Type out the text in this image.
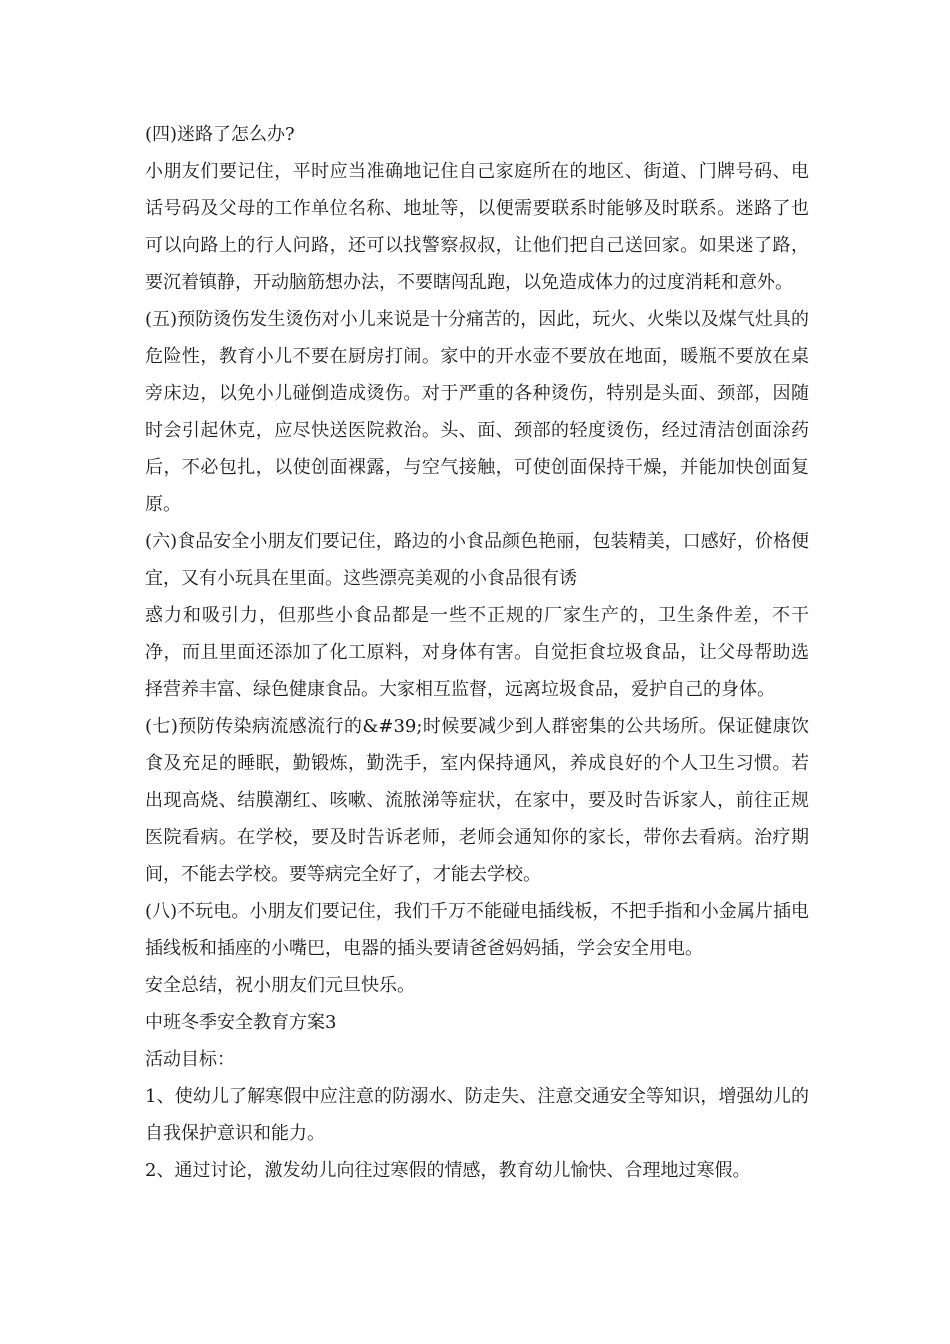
(四)迷路了怎么办?

小朋友们要记住，平时应当准确地记住自己家庭所在的地区、街道、门牌号码、电话号码及父母的工作单位名称、地址等，以便需要联系时能够及时联系。迷路了也可以向路上的行人问路，还可以找警察叔叔，让他们把自己送回家。如果迷了路，要沉着镇静，开动脑筋想办法，不要瞎闯乱跑，以免造成体力的过度消耗和意外。

(五)预防烫伤发生烫伤对小儿来说是十分痛苦的，因此，玩火、火柴以及煤气灶具的危险性，教育小儿不要在厨房打闹。家中的开水壶不要放在地面，暖瓶不要放在桌旁床边，以免小儿碰倒造成烫伤。对于严重的各种烫伤，特别是头面、颈部，因随时会引起休克，应尽快送医院救治。头、面、颈部的轻度烫伤，经过清洁创面涂药后，不必包扎，以使创面裸露，与空气接触，可使创面保持干燥，并能加快创面复原。

(六)食品安全小朋友们要记住，路边的小食品颜色艳丽，包装精美，口感好，价格便宜，又有小玩具在里面。这些漂亮美观的小食品很有诱

惑力和吸引力，但那些小食品都是一些不正规的厂家生产的，卫生条件差，不干净，而且里面还添加了化工原料，对身体有害。自觉拒食垃圾食品，让父母帮助选择营养丰富、绿色健康食品。大家相互监督，远离垃圾食品，爱护自己的身体。

(七)预防传染病流感流行的&#39;时候要减少到人群密集的公共场所。保证健康饮食及充足的睡眠，勤锻炼，勤洗手，室内保持通风，养成良好的个人卫生习惯。若出现高烧、结膜潮红、咳嗽、流脓涕等症状，在家中，要及时告诉家人，前往正规医院看病。在学校，要及时告诉老师，老师会通知你的家长，带你去看病。治疗期间，不能去学校。要等病完全好了，才能去学校。

(八)不玩电。小朋友们要记住，我们千万不能碰电插线板，不把手指和小金属片插电插线板和插座的小嘴巴，电器的插头要请爸爸妈妈插，学会安全用电。

安全总结，祝小朋友们元旦快乐。

中班冬季安全教育方案3

活动目标：

1、使幼儿了解寒假中应注意的防溺水、防走失、注意交通安全等知识，增强幼儿的自我保护意识和能力。

2、通过讨论，激发幼儿向往过寒假的情感，教育幼儿愉快、合理地过寒假。
